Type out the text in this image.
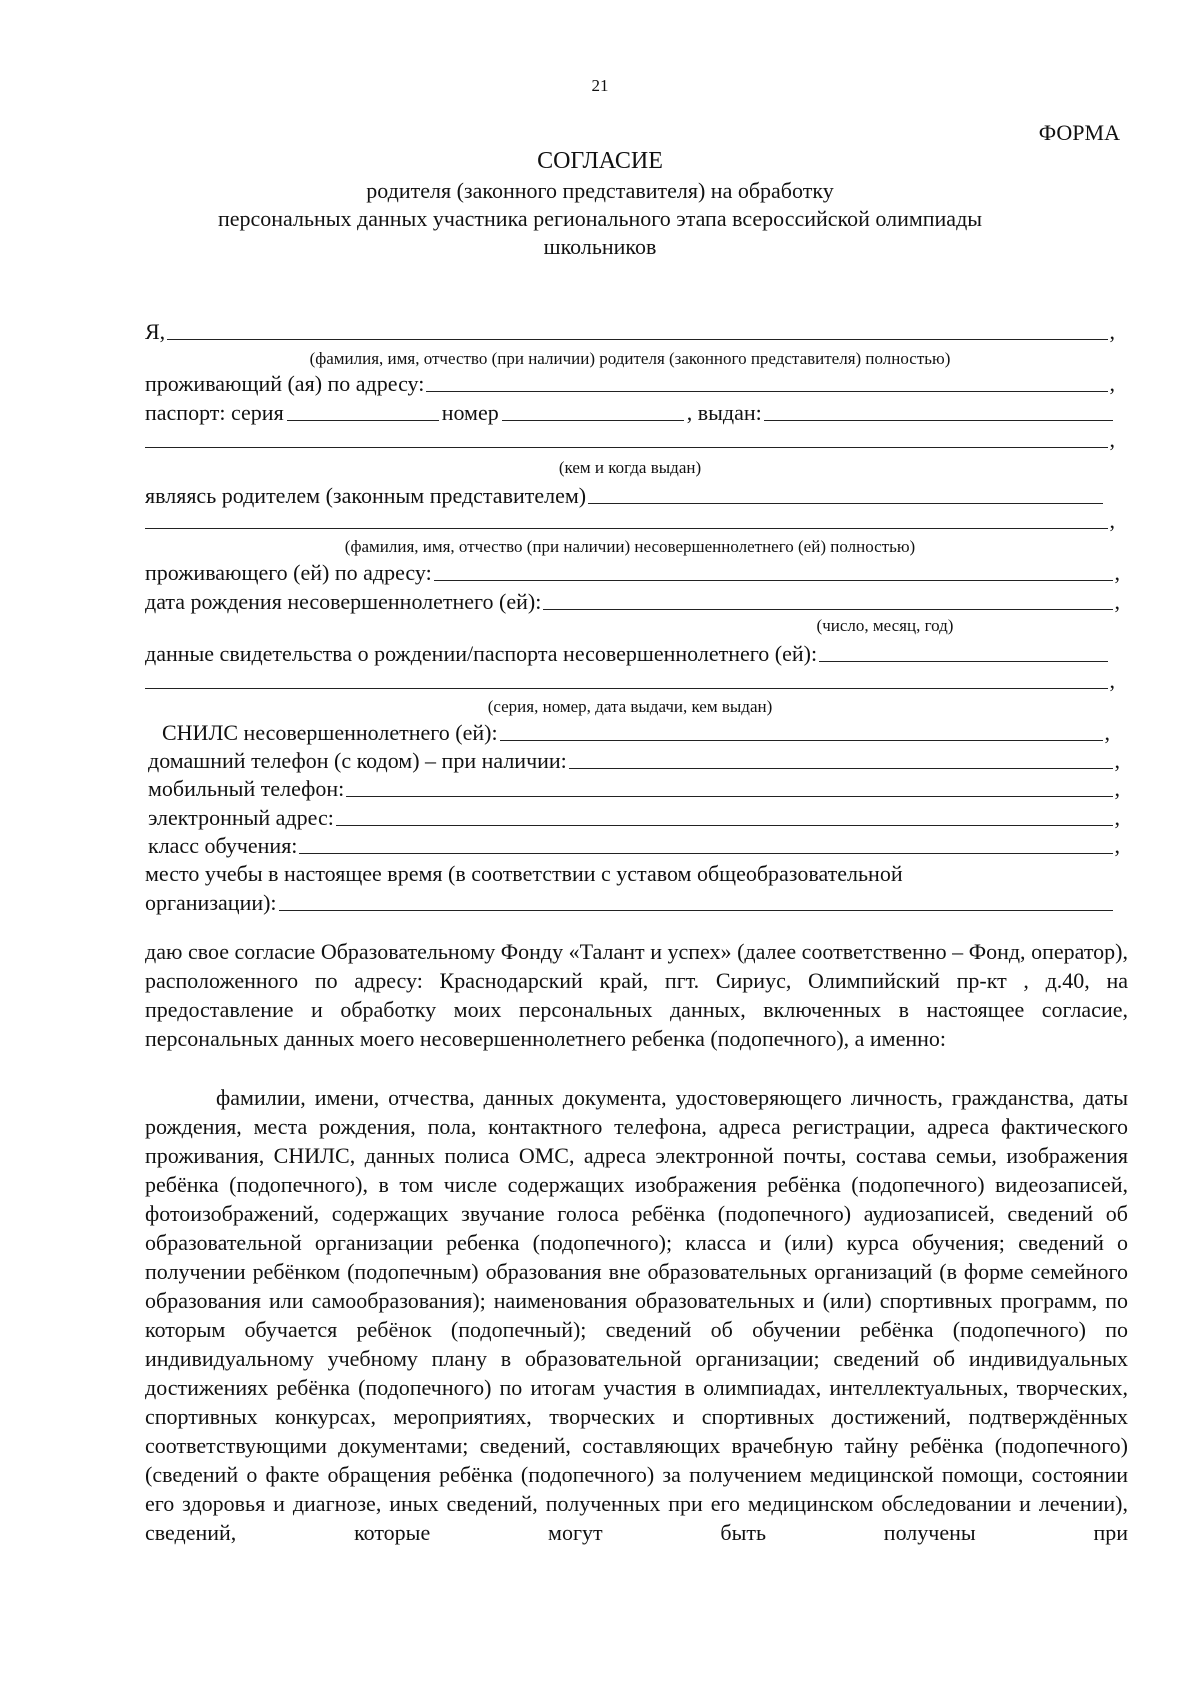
21
ФОРМА
СОГЛАСИЕ
родителя (законного представителя) на обработку
персональных данных участника регионального этапа всероссийской олимпиады
школьников
Я,	,
(фамилия, имя, отчество (при наличии) родителя (законного представителя) полностью)
проживающий (ая) по адресу:	,
паспорт: серия	номер	, выдан:
,
(кем и когда выдан)
являясь родителем (законным представителем)
,
(фамилия, имя, отчество (при наличии) несовершеннолетнего (ей) полностью)
проживающего (ей) по адресу:	,
дата рождения несовершеннолетнего (ей):	,
(число, месяц, год)
данные свидетельства о рождении/паспорта несовершеннолетнего (ей):
,
(серия, номер, дата выдачи, кем выдан)
СНИЛС несовершеннолетнего (ей):	,
домашний телефон (с кодом) – при наличии:	,
мобильный телефон:	,
электронный адрес:	,
класс обучения:	,
место учебы в настоящее время (в соответствии с уставом общеобразовательной
организации):

даю свое согласие Образовательному Фонду «Талант и успех» (далее соответственно – Фонд, оператор), расположенного по адресу: Краснодарский край, пгт. Сириус, Олимпийский пр-кт , д.40, на предоставление и обработку моих персональных данных, включенных в настоящее согласие, персональных данных моего несовершеннолетнего ребенка (подопечного), а именно:

фамилии, имени, отчества, данных документа, удостоверяющего личность, гражданства, даты рождения, места рождения, пола, контактного телефона, адреса регистрации, адреса фактического проживания, СНИЛС, данных полиса ОМС, адреса электронной почты, состава семьи, изображения ребёнка (подопечного), в том числе содержащих изображения ребёнка (подопечного) видеозаписей, фотоизображений, содержащих звучание голоса ребёнка (подопечного) аудиозаписей, сведений об образовательной организации ребенка (подопечного); класса и (или) курса обучения; сведений о получении ребёнком (подопечным) образования вне образовательных организаций (в форме семейного образования или самообразования); наименования образовательных и (или) спортивных программ, по которым обучается ребёнок (подопечный); сведений об обучении ребёнка (подопечного) по индивидуальному учебному плану в образовательной организации; сведений об индивидуальных достижениях ребёнка (подопечного) по итогам участия в олимпиадах, интеллектуальных, творческих, спортивных конкурсах, мероприятиях, творческих и спортивных достижений, подтверждённых соответствующими документами; сведений, составляющих врачебную тайну ребёнка (подопечного) (сведений о факте обращения ребёнка (подопечного) за получением медицинской помощи, состоянии его здоровья и диагнозе, иных сведений, полученных при его медицинском обследовании и лечении), сведений, которые могут быть получены при
